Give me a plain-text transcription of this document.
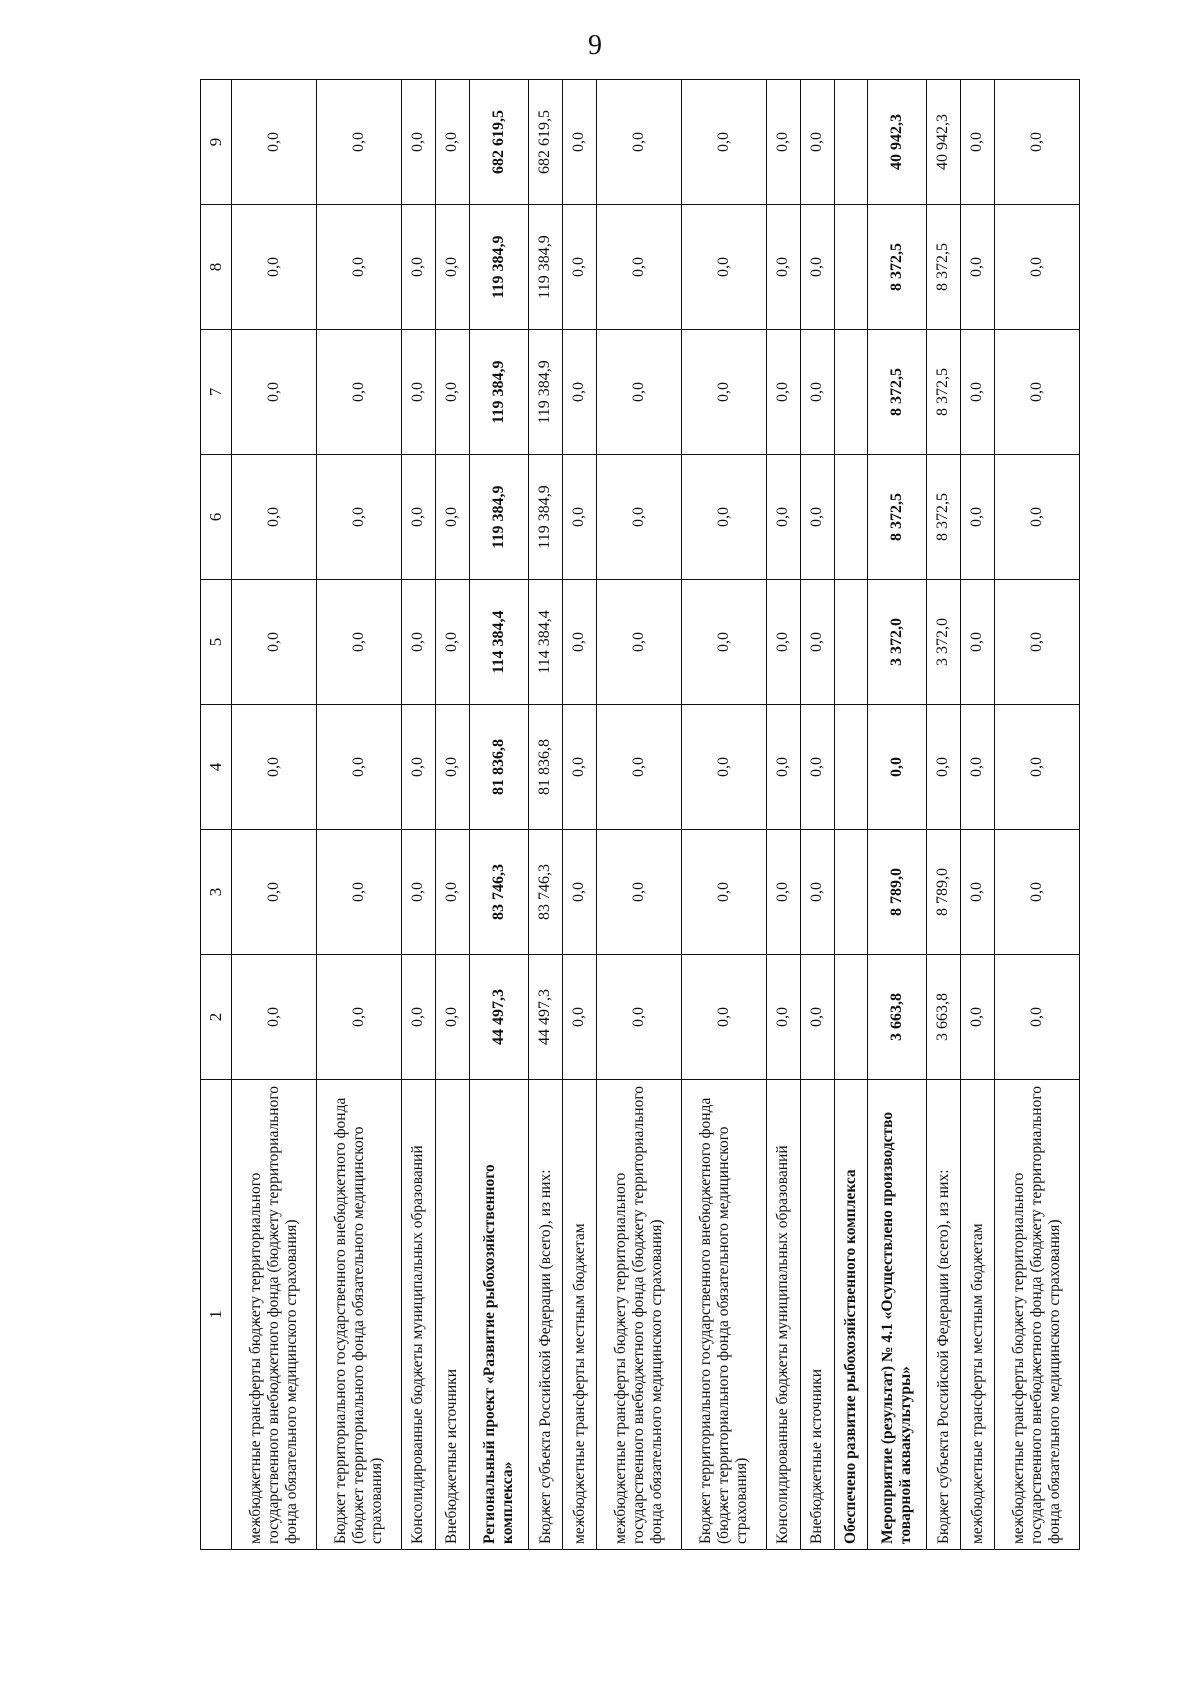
9
1	2	3	4	5	6	7	8	9
межбюджетные трансферты бюджету территориального государственного внебюджетного фонда (бюджету территориального фонда обязательного медицинского страхования)	0,0	0,0	0,0	0,0	0,0	0,0	0,0	0,0
Бюджет территориального государственного внебюджетного фонда (бюджет территориального фонда обязательного медицинского страхования)	0,0	0,0	0,0	0,0	0,0	0,0	0,0	0,0
Консолидированные бюджеты муниципальных образований	0,0	0,0	0,0	0,0	0,0	0,0	0,0	0,0
Внебюджетные источники	0,0	0,0	0,0	0,0	0,0	0,0	0,0	0,0
Региональный проект «Развитие рыбохозяйственного комплекса»	44 497,3	83 746,3	81 836,8	114 384,4	119 384,9	119 384,9	119 384,9	682 619,5
Бюджет субъекта Российской Федерации (всего), из них:	44 497,3	83 746,3	81 836,8	114 384,4	119 384,9	119 384,9	119 384,9	682 619,5
межбюджетные трансферты местным бюджетам	0,0	0,0	0,0	0,0	0,0	0,0	0,0	0,0
межбюджетные трансферты бюджету территориального государственного внебюджетного фонда (бюджету территориального фонда обязательного медицинского страхования)	0,0	0,0	0,0	0,0	0,0	0,0	0,0	0,0
Бюджет территориального государственного внебюджетного фонда (бюджет территориального фонда обязательного медицинского страхования)	0,0	0,0	0,0	0,0	0,0	0,0	0,0	0,0
Консолидированные бюджеты муниципальных образований	0,0	0,0	0,0	0,0	0,0	0,0	0,0	0,0
Внебюджетные источники	0,0	0,0	0,0	0,0	0,0	0,0	0,0	0,0
Обеспечено развитие рыбохозяйственного комплекса								
Мероприятие (результат) № 4.1 «Осуществлено производство товарной аквакультуры»	3 663,8	8 789,0	0,0	3 372,0	8 372,5	8 372,5	8 372,5	40 942,3
Бюджет субъекта Российской Федерации (всего), из них:	3 663,8	8 789,0	0,0	3 372,0	8 372,5	8 372,5	8 372,5	40 942,3
межбюджетные трансферты местным бюджетам	0,0	0,0	0,0	0,0	0,0	0,0	0,0	0,0
межбюджетные трансферты бюджету территориального государственного внебюджетного фонда (бюджету территориального фонда обязательного медицинского страхования)	0,0	0,0	0,0	0,0	0,0	0,0	0,0	0,0
